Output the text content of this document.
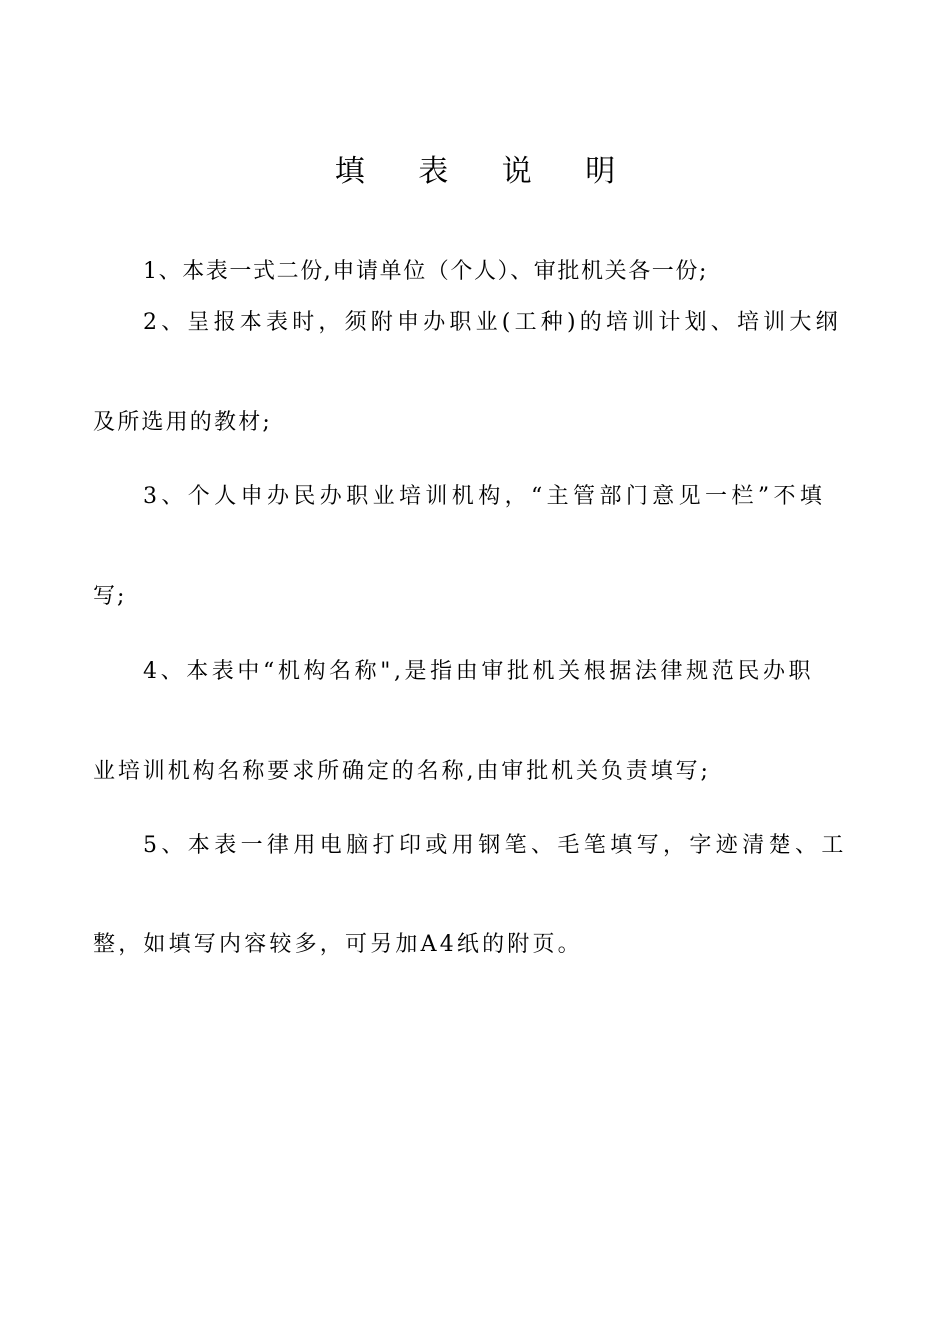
填 表 说 明
1、本表一式二份,申请单位（个人）、审批机关各一份;
2、呈报本表时，须附申办职业(工种)的培训计划、培训大纲
及所选用的教材;
3、个人申办民办职业培训机构，“主管部门意见一栏”不填
写;
4、本表中“机构名称",是指由审批机关根据法律规范民办职
业培训机构名称要求所确定的名称,由审批机关负责填写;
5、本表一律用电脑打印或用钢笔、毛笔填写，字迹清楚、工
整，如填写内容较多，可另加A4纸的附页。
